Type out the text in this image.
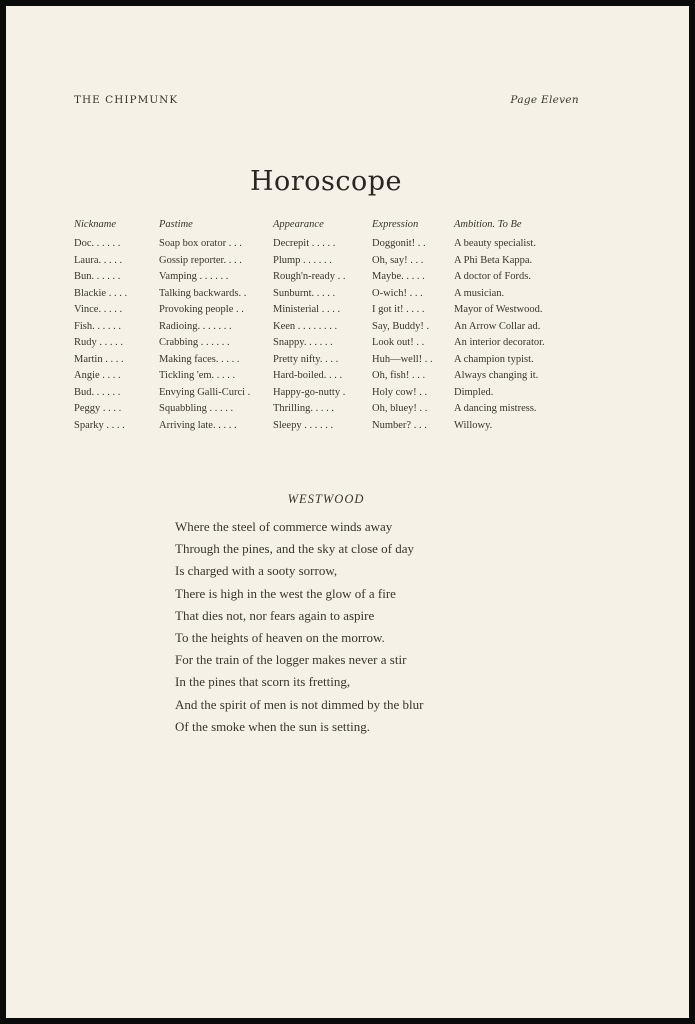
THE CHIPMUNK	Page Eleven
Horoscope
Nickname	Pastime	Appearance	Expression	Ambition. To Be
Doc. . . . . .	Soap box orator . . .	Decrepit . . . . .	Doggonit! . .	A beauty specialist.
Laura. . . . .	Gossip reporter. . . .	Plump . . . . . .	Oh, say! . . .	A Phi Beta Kappa.
Bun. . . . . .	Vamping . . . . . .	Rough'n-ready . .	Maybe. . . . .	A doctor of Fords.
Blackie . . . .	Talking backwards. .	Sunburnt. . . . .	O-wich! . . .	A musician.
Vince. . . . .	Provoking people . .	Ministerial . . . .	I got it! . . . .	Mayor of Westwood.
Fish. . . . . .	Radioing. . . . . . .	Keen . . . . . . . .	Say, Buddy! .	An Arrow Collar ad.
Rudy . . . . .	Crabbing . . . . . .	Snappy. . . . . .	Look out! . .	An interior decorator.
Martin . . . .	Making faces. . . . .	Pretty nifty. . . .	Huh—well! . .	A champion typist.
Angie . . . .	Tickling 'em. . . . .	Hard-boiled. . . .	Oh, fish! . . .	Always changing it.
Bud. . . . . .	Envying Galli-Curci .	Happy-go-nutty .	Holy cow! . .	Dimpled.
Peggy . . . .	Squabbling . . . . .	Thrilling. . . . .	Oh, bluey! . .	A dancing mistress.
Sparky . . . .	Arriving late. . . . .	Sleepy . . . . . .	Number? . . .	Willowy.
WESTWOOD
Where the steel of commerce winds away
Through the pines, and the sky at close of day
Is charged with a sooty sorrow,
There is high in the west the glow of a fire
That dies not, nor fears again to aspire
To the heights of heaven on the morrow.
For the train of the logger makes never a stir
In the pines that scorn its fretting,
And the spirit of men is not dimmed by the blur
Of the smoke when the sun is setting.
